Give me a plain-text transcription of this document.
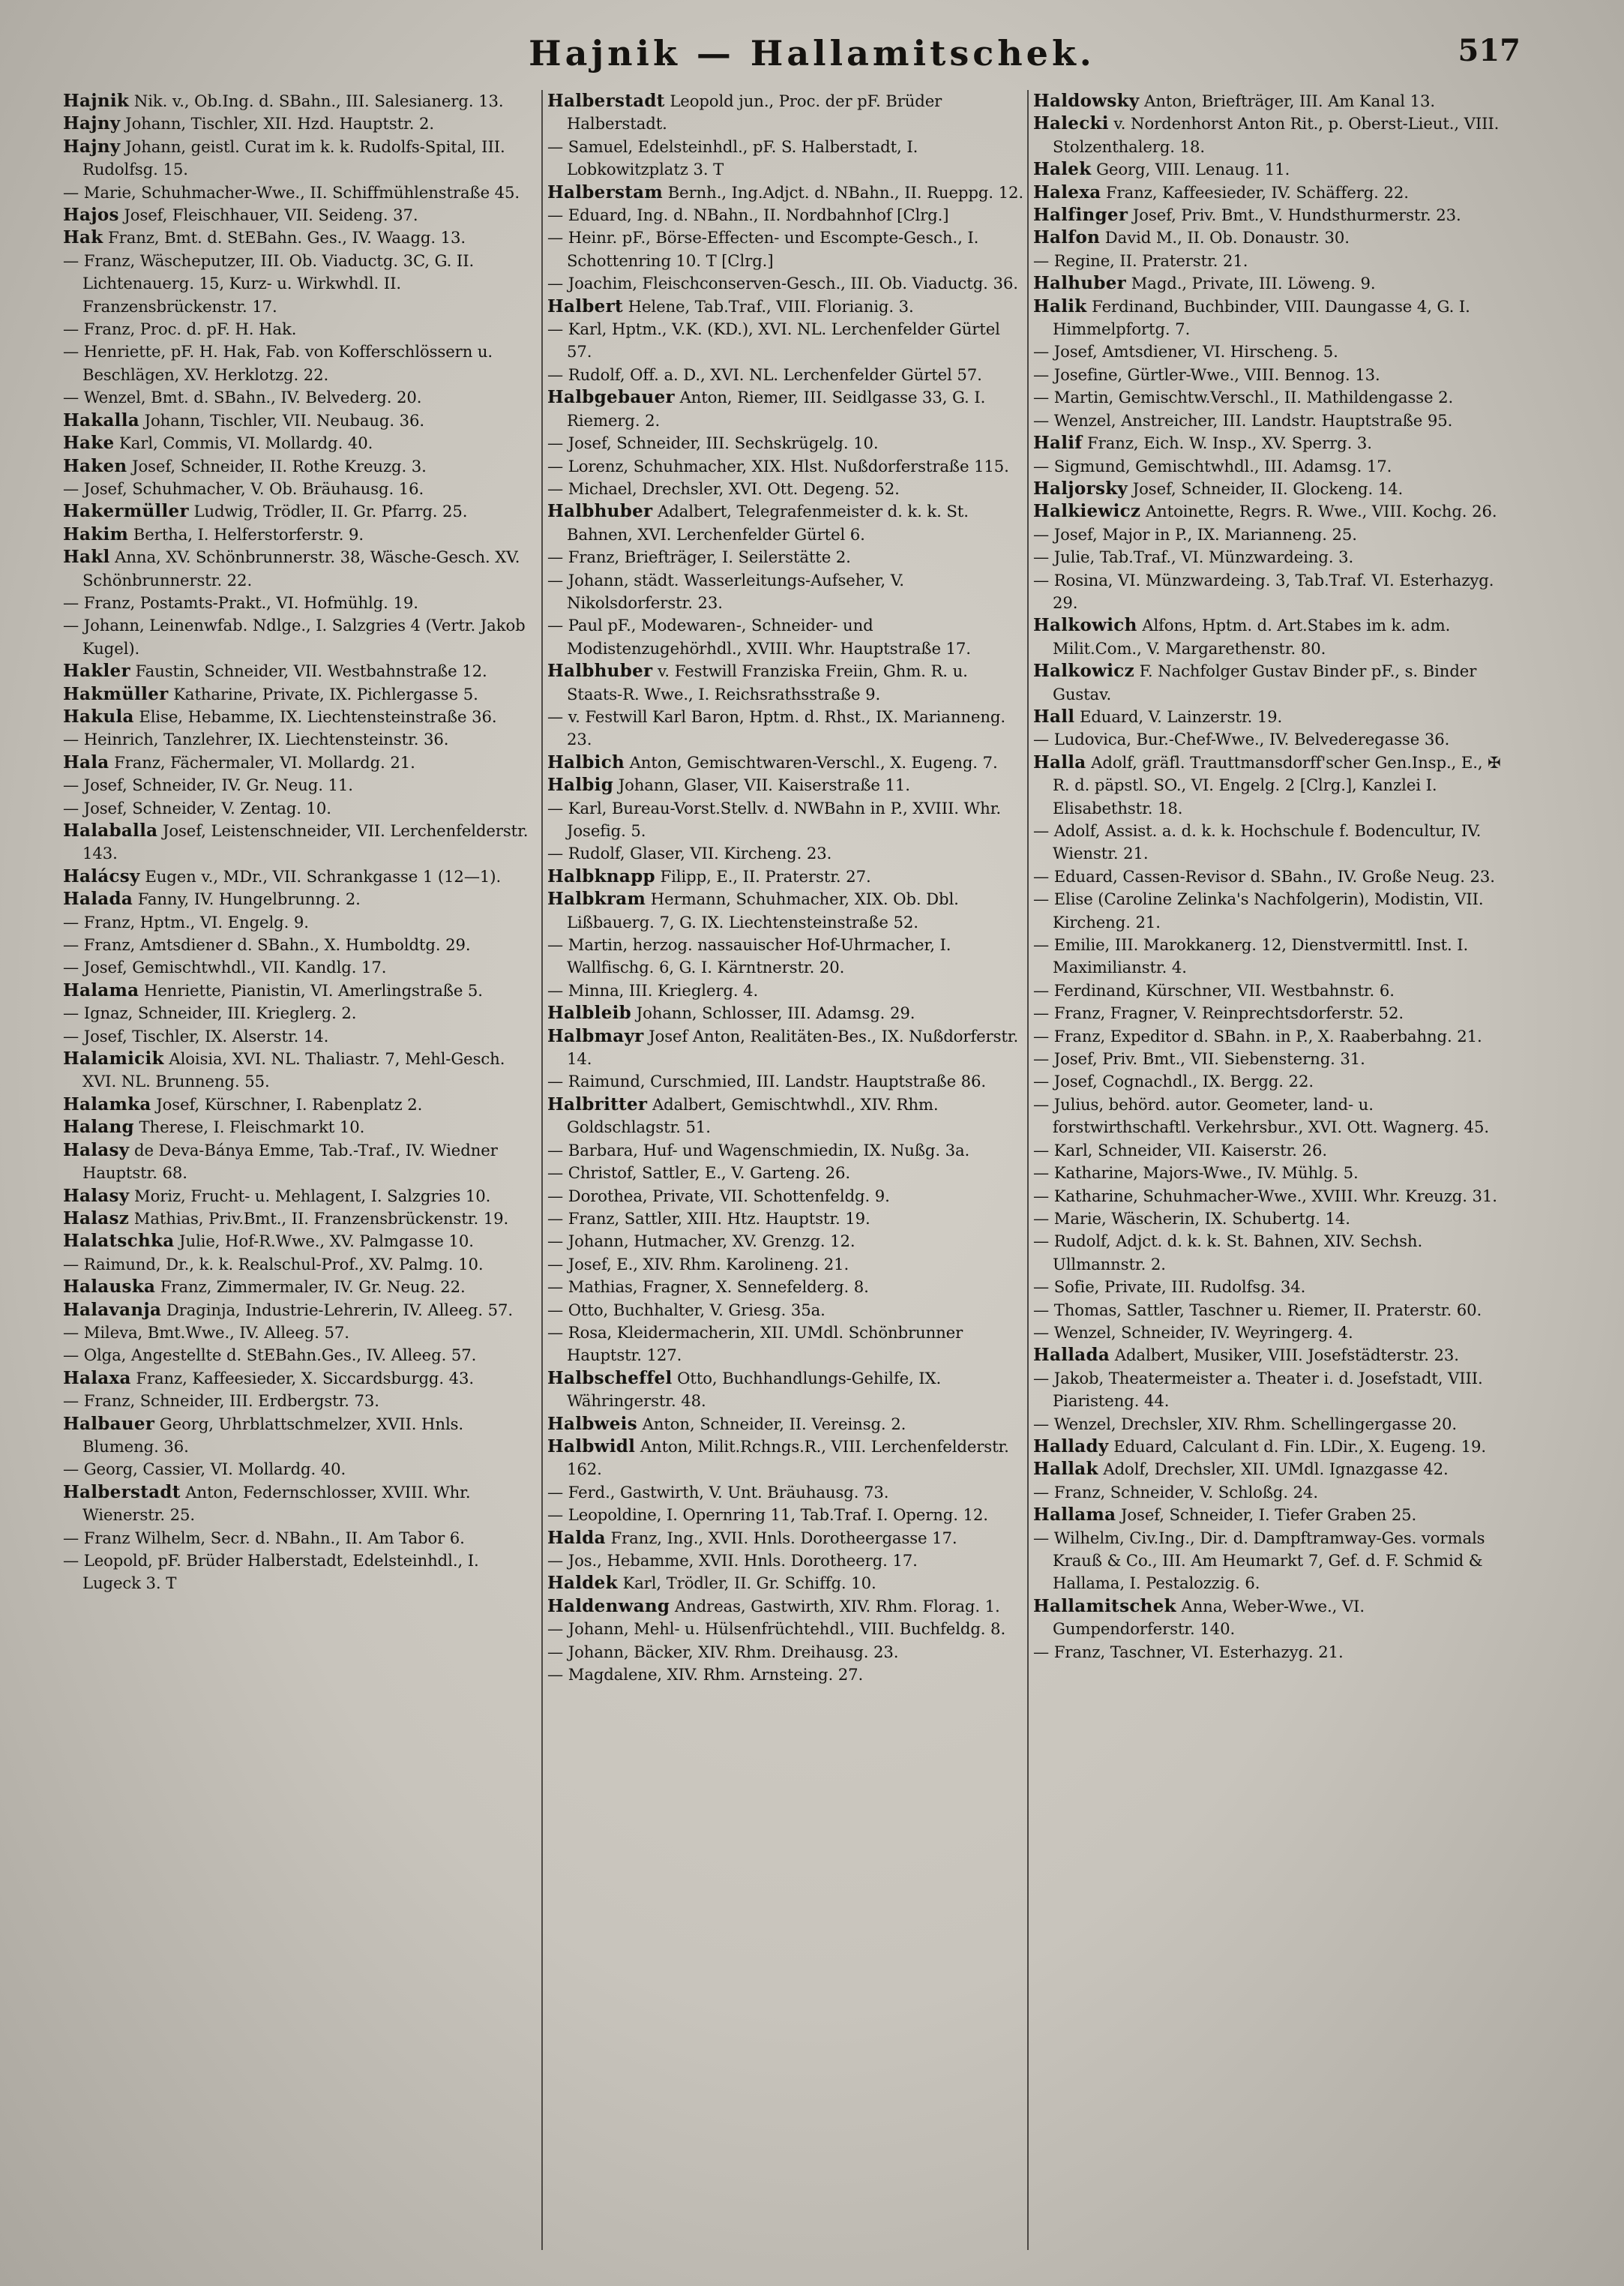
Hajnik — Hallamitschek.	517
Hajnik Nik. v., Ob.Ing. d. SBahn., III. Salesianerg. 13.
Hajny Johann, Tischler, XII. Hzd. Hauptstr. 2.
Hajny Johann, geistl. Curat im k. k. Rudolfs-Spital, III. Rudolfsg. 15.
— Marie, Schuhmacher-Wwe., II. Schiffmühlenstraße 45.
Hajos Josef, Fleischhauer, VII. Seideng. 37.
Hak Franz, Bmt. d. StEBahn. Ges., IV. Waagg. 13.
— Franz, Wäscheputzer, III. Ob. Viaductg. 3C, G. II. Lichtenauerg. 15, Kurz- u. Wirkwhdl. II. Franzensbrückenstr. 17.
— Franz, Proc. d. pF. H. Hak.
— Henriette, pF. H. Hak, Fab. von Kofferschlössern u. Beschlägen, XV. Herklotzg. 22.
— Wenzel, Bmt. d. SBahn., IV. Belvederg. 20.
Hakalla Johann, Tischler, VII. Neubaug. 36.
Hake Karl, Commis, VI. Mollardg. 40.
Haken Josef, Schneider, II. Rothe Kreuzg. 3.
— Josef, Schuhmacher, V. Ob. Bräuhausg. 16.
Hakermüller Ludwig, Trödler, II. Gr. Pfarrg. 25.
Hakim Bertha, I. Helferstorferstr. 9.
Hakl Anna, XV. Schönbrunnerstr. 38, Wäsche-Gesch. XV. Schönbrunnerstr. 22.
— Franz, Postamts-Prakt., VI. Hofmühlg. 19.
— Johann, Leinenwfab. Ndlge., I. Salzgries 4 (Vertr. Jakob Kugel).
Hakler Faustin, Schneider, VII. Westbahnstraße 12.
Hakmüller Katharine, Private, IX. Pichlergasse 5.
Hakula Elise, Hebamme, IX. Liechtensteinstraße 36.
— Heinrich, Tanzlehrer, IX. Liechtensteinstr. 36.
Hala Franz, Fächermaler, VI. Mollardg. 21.
— Josef, Schneider, IV. Gr. Neug. 11.
— Josef, Schneider, V. Zentag. 10.
Halaballa Josef, Leistenschneider, VII. Lerchenfelderstr. 143.
Halácsy Eugen v., MDr., VII. Schrankgasse 1 (12—1).
Halada Fanny, IV. Hungelbrunng. 2.
— Franz, Hptm., VI. Engelg. 9.
— Franz, Amtsdiener d. SBahn., X. Humboldtg. 29.
— Josef, Gemischtwhdl., VII. Kandlg. 17.
Halama Henriette, Pianistin, VI. Amerlingstraße 5.
— Ignaz, Schneider, III. Krieglerg. 2.
— Josef, Tischler, IX. Alserstr. 14.
Halamicik Aloisia, XVI. NL. Thaliastr. 7, Mehl-Gesch. XVI. NL. Brunneng. 55.
Halamka Josef, Kürschner, I. Rabenplatz 2.
Halang Therese, I. Fleischmarkt 10.
Halasy de Deva-Bánya Emme, Tab.-Traf., IV. Wiedner Hauptstr. 68.
Halasy Moriz, Frucht- u. Mehlagent, I. Salzgries 10.
Halasz Mathias, Priv.Bmt., II. Franzensbrückenstr. 19.
Halatschka Julie, Hof-R.Wwe., XV. Palmgasse 10.
— Raimund, Dr., k. k. Realschul-Prof., XV. Palmg. 10.
Halauska Franz, Zimmermaler, IV. Gr. Neug. 22.
Halavanja Draginja, Industrie-Lehrerin, IV. Alleeg. 57.
— Mileva, Bmt.Wwe., IV. Alleeg. 57.
— Olga, Angestellte d. StEBahn.Ges., IV. Alleeg. 57.
Halaxa Franz, Kaffeesieder, X. Siccardsburgg. 43.
— Franz, Schneider, III. Erdbergstr. 73.
Halbauer Georg, Uhrblattschmelzer, XVII. Hnls. Blumeng. 36.
— Georg, Cassier, VI. Mollardg. 40.
Halberstadt Anton, Federnschlosser, XVIII. Whr. Wienerstr. 25.
— Franz Wilhelm, Secr. d. NBahn., II. Am Tabor 6.
— Leopold, pF. Brüder Halberstadt, Edelsteinhdl., I. Lugeck 3. T
Halberstadt Leopold jun., Proc. der pF. Brüder Halberstadt.
— Samuel, Edelsteinhdl., pF. S. Halberstadt, I. Lobkowitzplatz 3. T
Halberstam Bernh., Ing.Adjct. d. NBahn., II. Rueppg. 12.
— Eduard, Ing. d. NBahn., II. Nordbahnhof [Clrg.]
— Heinr. pF., Börse-Effecten- und Escompte-Gesch., I. Schottenring 10. T [Clrg.]
— Joachim, Fleischconserven-Gesch., III. Ob. Viaductg. 36.
Halbert Helene, Tab.Traf., VIII. Florianig. 3.
— Karl, Hptm., V.K. (KD.), XVI. NL. Lerchenfelder Gürtel 57.
— Rudolf, Off. a. D., XVI. NL. Lerchenfelder Gürtel 57.
Halbgebauer Anton, Riemer, III. Seidlgasse 33, G. I. Riemerg. 2.
— Josef, Schneider, III. Sechskrügelg. 10.
— Lorenz, Schuhmacher, XIX. Hlst. Nußdorferstraße 115.
— Michael, Drechsler, XVI. Ott. Degeng. 52.
Halbhuber Adalbert, Telegrafenmeister d. k. k. St. Bahnen, XVI. Lerchenfelder Gürtel 6.
— Franz, Briefträger, I. Seilerstätte 2.
— Johann, städt. Wasserleitungs-Aufseher, V. Nikolsdorferstr. 23.
— Paul pF., Modewaren-, Schneider- und Modistenzugehörhdl., XVIII. Whr. Hauptstraße 17.
Halbhuber v. Festwill Franziska Freiin, Ghm. R. u. Staats-R. Wwe., I. Reichsrathsstraße 9.
— v. Festwill Karl Baron, Hptm. d. Rhst., IX. Marianneng. 23.
Halbich Anton, Gemischtwaren-Verschl., X. Eugeng. 7.
Halbig Johann, Glaser, VII. Kaiserstraße 11.
— Karl, Bureau-Vorst.Stellv. d. NWBahn in P., XVIII. Whr. Josefig. 5.
— Rudolf, Glaser, VII. Kircheng. 23.
Halbknapp Filipp, E., II. Praterstr. 27.
Halbkram Hermann, Schuhmacher, XIX. Ob. Dbl. Lißbauerg. 7, G. IX. Liechtensteinstraße 52.
— Martin, herzog. nassauischer Hof-Uhrmacher, I. Wallfischg. 6, G. I. Kärntnerstr. 20.
— Minna, III. Krieglerg. 4.
Halbleib Johann, Schlosser, III. Adamsg. 29.
Halbmayr Josef Anton, Realitäten-Bes., IX. Nußdorferstr. 14.
— Raimund, Curschmied, III. Landstr. Hauptstraße 86.
Halbritter Adalbert, Gemischtwhdl., XIV. Rhm. Goldschlagstr. 51.
— Barbara, Huf- und Wagenschmiedin, IX. Nußg. 3a.
— Christof, Sattler, E., V. Garteng. 26.
— Dorothea, Private, VII. Schottenfeldg. 9.
— Franz, Sattler, XIII. Htz. Hauptstr. 19.
— Johann, Hutmacher, XV. Grenzg. 12.
— Josef, E., XIV. Rhm. Karolineng. 21.
— Mathias, Fragner, X. Sennefelderg. 8.
— Otto, Buchhalter, V. Griesg. 35a.
— Rosa, Kleidermacherin, XII. UMdl. Schönbrunner Hauptstr. 127.
Halbscheffel Otto, Buchhandlungs-Gehilfe, IX. Währingerstr. 48.
Halbweis Anton, Schneider, II. Vereinsg. 2.
Halbwidl Anton, Milit.Rchngs.R., VIII. Lerchenfelderstr. 162.
— Ferd., Gastwirth, V. Unt. Bräuhausg. 73.
— Leopoldine, I. Opernring 11, Tab.Traf. I. Operng. 12.
Halda Franz, Ing., XVII. Hnls. Dorotheergasse 17.
— Jos., Hebamme, XVII. Hnls. Dorotheerg. 17.
Haldek Karl, Trödler, II. Gr. Schiffg. 10.
Haldenwang Andreas, Gastwirth, XIV. Rhm. Florag. 1.
— Johann, Mehl- u. Hülsenfrüchtehdl., VIII. Buchfeldg. 8.
— Johann, Bäcker, XIV. Rhm. Dreihausg. 23.
— Magdalene, XIV. Rhm. Arnsteing. 27.
Haldowsky Anton, Briefträger, III. Am Kanal 13.
Halecki v. Nordenhorst Anton Rit., p. Oberst-Lieut., VIII. Stolzenthalerg. 18.
Halek Georg, VIII. Lenaug. 11.
Halexa Franz, Kaffeesieder, IV. Schäfferg. 22.
Halfinger Josef, Priv. Bmt., V. Hundsthurmerstr. 23.
Halfon David M., II. Ob. Donaustr. 30.
— Regine, II. Praterstr. 21.
Halhuber Magd., Private, III. Löweng. 9.
Halik Ferdinand, Buchbinder, VIII. Daungasse 4, G. I. Himmelpfortg. 7.
— Josef, Amtsdiener, VI. Hirscheng. 5.
— Josefine, Gürtler-Wwe., VIII. Bennog. 13.
— Martin, Gemischtw.Verschl., II. Mathildengasse 2.
— Wenzel, Anstreicher, III. Landstr. Hauptstraße 95.
Halif Franz, Eich. W. Insp., XV. Sperrg. 3.
— Sigmund, Gemischtwhdl., III. Adamsg. 17.
Haljorsky Josef, Schneider, II. Glockeng. 14.
Halkiewicz Antoinette, Regrs. R. Wwe., VIII. Kochg. 26.
— Josef, Major in P., IX. Marianneng. 25.
— Julie, Tab.Traf., VI. Münzwardeing. 3.
— Rosina, VI. Münzwardeing. 3, Tab.Traf. VI. Esterhazyg. 29.
Halkowich Alfons, Hptm. d. Art.Stabes im k. adm. Milit.Com., V. Margarethenstr. 80.
Halkowicz F. Nachfolger Gustav Binder pF., s. Binder Gustav.
Hall Eduard, V. Lainzerstr. 19.
— Ludovica, Bur.-Chef-Wwe., IV. Belvederegasse 36.
Halla Adolf, gräfl. Trauttmansdorff'scher Gen.Insp., E., ✠ R. d. päpstl. SO., VI. Engelg. 2 [Clrg.], Kanzlei I. Elisabethstr. 18.
— Adolf, Assist. a. d. k. k. Hochschule f. Bodencultur, IV. Wienstr. 21.
— Eduard, Cassen-Revisor d. SBahn., IV. Große Neug. 23.
— Elise (Caroline Zelinka's Nachfolgerin), Modistin, VII. Kircheng. 21.
— Emilie, III. Marokkanerg. 12, Dienstvermittl. Inst. I. Maximilianstr. 4.
— Ferdinand, Kürschner, VII. Westbahnstr. 6.
— Franz, Fragner, V. Reinprechtsdorferstr. 52.
— Franz, Expeditor d. SBahn. in P., X. Raaberbahng. 21.
— Josef, Priv. Bmt., VII. Siebensterng. 31.
— Josef, Cognachdl., IX. Bergg. 22.
— Julius, behörd. autor. Geometer, land- u. forstwirthschaftl. Verkehrsbur., XVI. Ott. Wagnerg. 45.
— Karl, Schneider, VII. Kaiserstr. 26.
— Katharine, Majors-Wwe., IV. Mühlg. 5.
— Katharine, Schuhmacher-Wwe., XVIII. Whr. Kreuzg. 31.
— Marie, Wäscherin, IX. Schubertg. 14.
— Rudolf, Adjct. d. k. k. St. Bahnen, XIV. Sechsh. Ullmannstr. 2.
— Sofie, Private, III. Rudolfsg. 34.
— Thomas, Sattler, Taschner u. Riemer, II. Praterstr. 60.
— Wenzel, Schneider, IV. Weyringerg. 4.
Hallada Adalbert, Musiker, VIII. Josefstädterstr. 23.
— Jakob, Theatermeister a. Theater i. d. Josefstadt, VIII. Piaristeng. 44.
— Wenzel, Drechsler, XIV. Rhm. Schellingergasse 20.
Hallady Eduard, Calculant d. Fin. LDir., X. Eugeng. 19.
Hallak Adolf, Drechsler, XII. UMdl. Ignazgasse 42.
— Franz, Schneider, V. Schloßg. 24.
Hallama Josef, Schneider, I. Tiefer Graben 25.
— Wilhelm, Civ.Ing., Dir. d. Dampftramway-Ges. vormals Krauß & Co., III. Am Heumarkt 7, Gef. d. F. Schmid & Hallama, I. Pestalozzig. 6.
Hallamitschek Anna, Weber-Wwe., VI. Gumpendorferstr. 140.
— Franz, Taschner, VI. Esterhazyg. 21.
